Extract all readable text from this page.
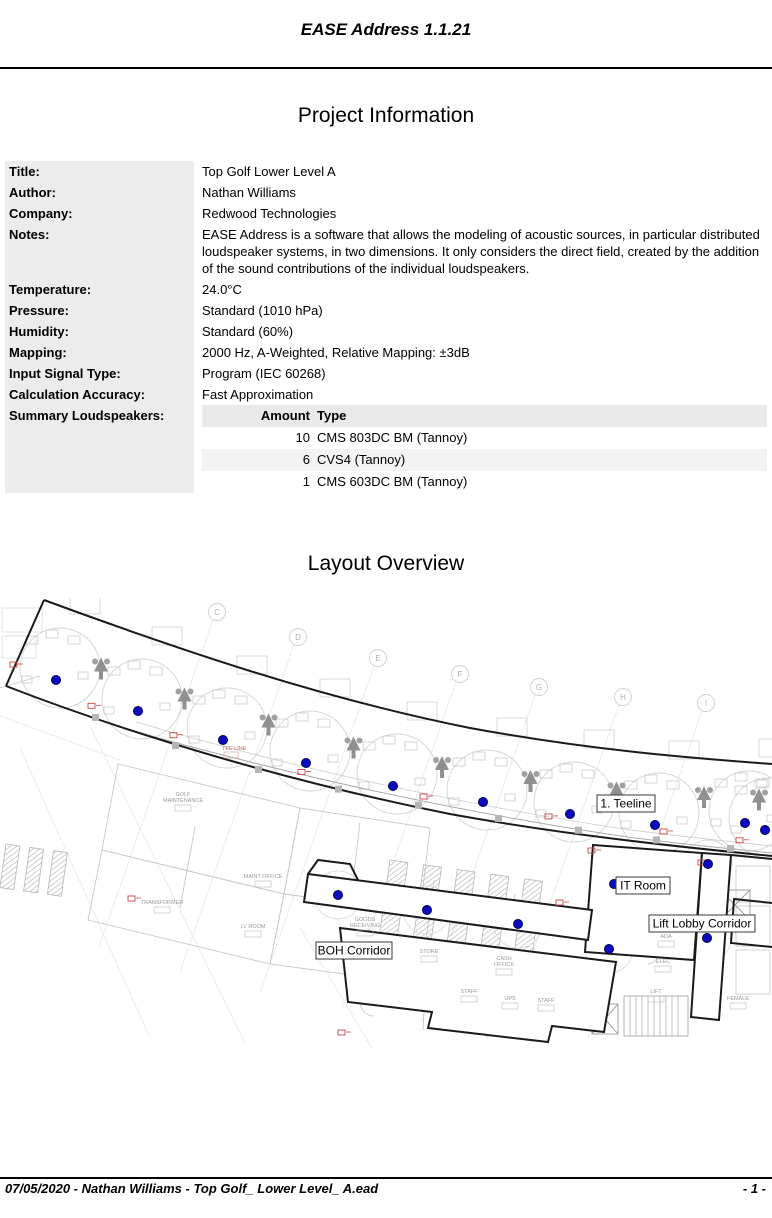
EASE Address 1.1.21
Project Information
Title:	Top Golf Lower Level A
Author:	Nathan Williams
Company:	Redwood Technologies
Notes:	EASE Address is a software that allows the modeling of acoustic sources, in particular distributed loudspeaker systems, in two dimensions. It only considers the direct field, created by the addition of the sound contributions of the individual loudspeakers.
Temperature:	24.0°C
Pressure:	Standard (1010 hPa)
Humidity:	Standard (60%)
Mapping:	2000 Hz, A-Weighted, Relative Mapping: ±3dB
Input Signal Type:	Program (IEC 60268)
Calculation Accuracy:	Fast Approximation
Summary Loudspeakers:	Amount Type
10 CMS 803DC BM (Tannoy)
6 CVS4 (Tannoy)
1 CMS 603DC BM (Tannoy)
Layout Overview
TEE LINE
GOLF
MAINTENANCE
MAINT OFFICE
TRANSFORMER
LV ROOM
GOODS
RECEIVING
STORE
CASH
OFFICE
STAFF
UPS	STAFF
ADA
ELEC
FEMALE
LIFT
1. Teeline
IT Room
Lift Lobby Corridor
BOH Corridor
C
D
E
F
G
H
I
07/05/2020 - Nathan Williams - Top Golf_ Lower Level_ A.ead	- 1 -
